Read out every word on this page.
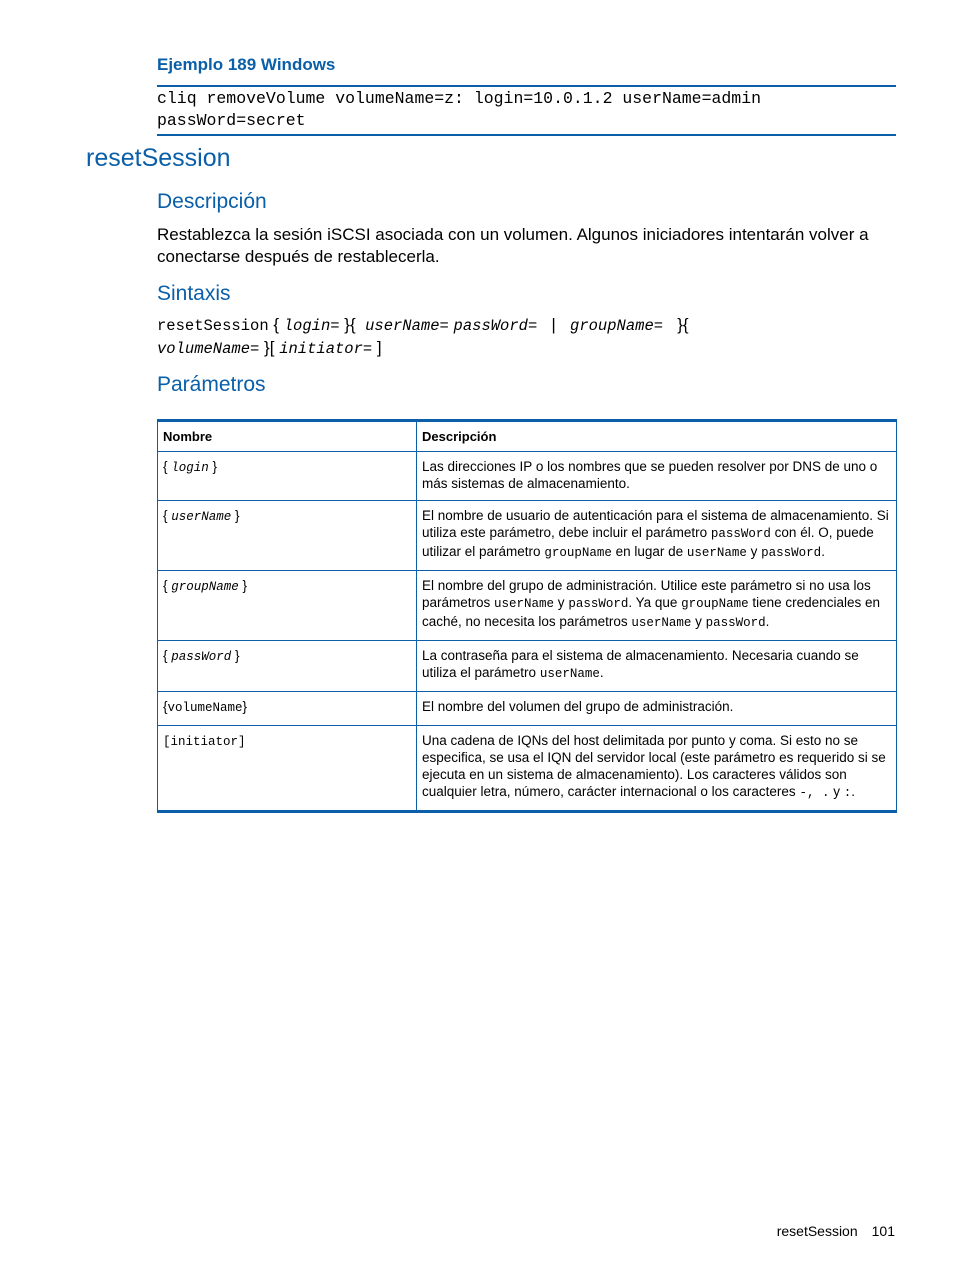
Ejemplo 189 Windows
cliq removeVolume volumeName=z: login=10.0.1.2 userName=admin
passWord=secret
resetSession
Descripción
Restablezca la sesión iSCSI asociada con un volumen. Algunos iniciadores intentarán volver a conectarse después de restablecerla.
Sintaxis
resetSession { login= }{  userName= passWord=   |   groupName=   }{
volumeName= }[ initiator= ]
Parámetros
Nombre	Descripción
{ login }	Las direcciones IP o los nombres que se pueden resolver por DNS de uno o más sistemas de almacenamiento.
{ userName }	El nombre de usuario de autenticación para el sistema de almacenamiento. Si utiliza este parámetro, debe incluir el parámetro passWord con él. O, puede utilizar el parámetro groupName en lugar de userName y passWord.
{ groupName }	El nombre del grupo de administración. Utilice este parámetro si no usa los parámetros userName y passWord. Ya que groupName tiene credenciales en caché, no necesita los parámetros userName y passWord.
{ passWord }	La contraseña para el sistema de almacenamiento. Necesaria cuando se utiliza el parámetro userName.
{volumeName}	El nombre del volumen del grupo de administración.
[initiator]	Una cadena de IQNs del host delimitada por punto y coma. Si esto no se especifica, se usa el IQN del servidor local (este parámetro es requerido si se ejecuta en un sistema de almacenamiento). Los caracteres válidos son cualquier letra, número, carácter internacional o los caracteres -, . y :.
resetSession 101
